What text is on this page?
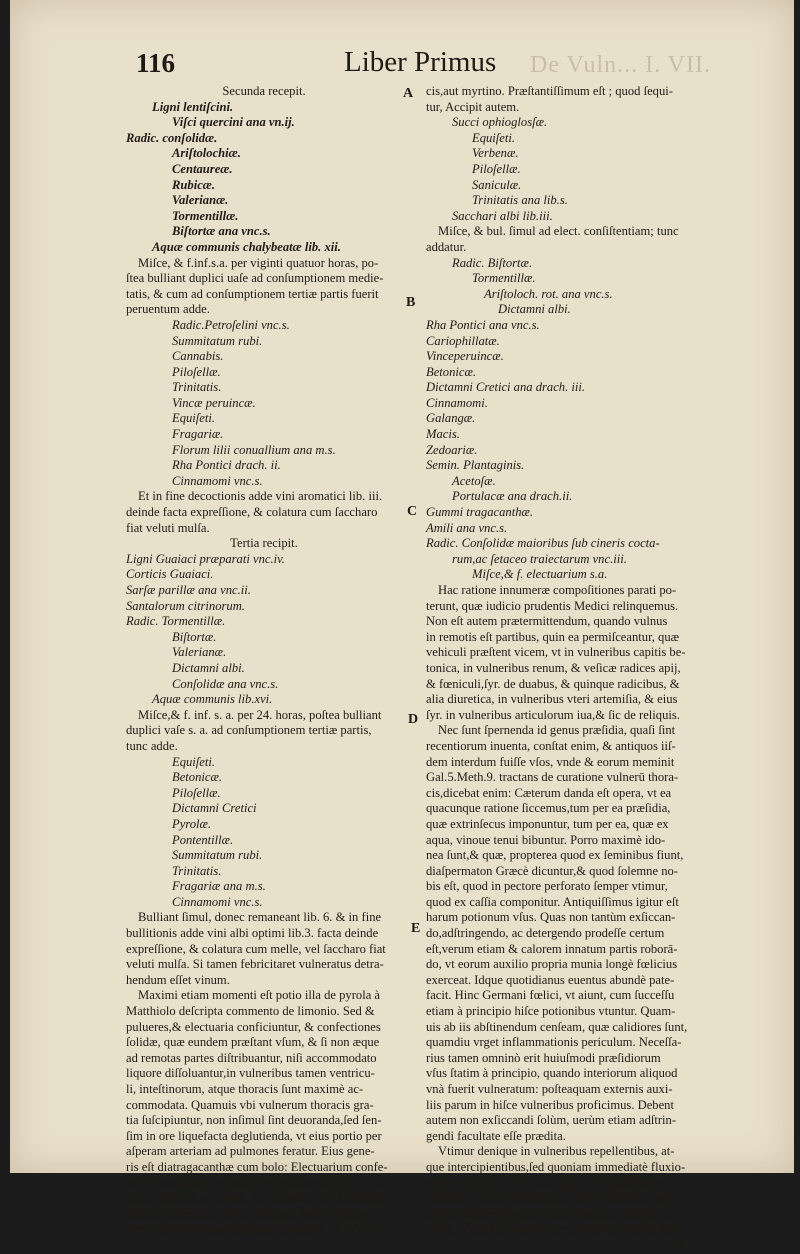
De Vuln... I. VII.
116	Liber Primus
A
B
C
D
E
Secunda recepit.
Ligni lentiſcini.
Viſci quercini ana vn.ij.
Radic. conſolidæ.
Ariſtolochiæ.
Centaureæ.
Rubicæ.
Valerianæ.
Tormentillæ.
Biſtortæ ana vnc.s.
Aquæ communis chalybeatæ lib. xii.
Miſce, & f.inf.s.a. per viginti quatuor horas, po-
ſtea bulliant duplici uaſe ad conſumptionem medie-
tatis, & cum ad conſumptionem tertiæ partis fuerit
peruentum adde.
Radic.Petroſelini vnc.s.
Summitatum rubi.
Cannabis.
Piloſellæ.
Trinitatis.
Vincæ peruincæ.
Equiſeti.
Fragariæ.
Florum lilii conuallium ana m.s.
Rha Pontici drach. ii.
Cinnamomi vnc.s.
Et in fine decoctionis adde vini aromatici lib. iii.
deinde facta expreſſione, & colatura cum ſaccharo
fiat veluti mulſa.
Tertia recipit.
Ligni Guaiaci præparati vnc.iv.
Corticis Guaiaci.
Sarſæ parillæ ana vnc.ii.
Santalorum citrinorum.
Radic. Tormentillæ.
Biſtortæ.
Valerianæ.
Dictamni albi.
Conſolidæ ana vnc.s.
Aquæ communis lib.xvi.
Miſce,& f. inf. s. a. per 24. horas, poſtea bulliant
duplici vaſe s. a. ad conſumptionem tertiæ partis,
tunc adde.
Equiſeti.
Betonicæ.
Piloſellæ.
Dictamni Cretici
Pyrolæ.
Pontentillæ.
Summitatum rubi.
Trinitatis.
Fragariæ ana m.s.
Cinnamomi vnc.s.
Bulliant ſimul, donec remaneant lib. 6. & in fine
bullitionis adde vini albi optimi lib.3. facta deinde
expreſſione, & colatura cum melle, vel ſaccharo fiat
veluti mulſa. Si tamen febricitaret vulneratus detra-
hendum eſſet vinum.
Maximi etiam momenti eſt potio illa de pyrola à
Matthiolo deſcripta commento de limonio. Sed &
pulueres,& electuaria conficiuntur, & confectiones
ſolidæ, quæ eundem præſtant vſum, & ſi non æque
ad remotas partes diſtribuantur, niſi accommodato
liquore diſſoluantur,in vulneribus tamen ventricu-
li, inteſtinorum, atque thoracis ſunt maximè ac-
commodata. Quamuis vbi vulnerum thoracis gra-
tia ſuſcipiuntur, non inſimul ſint deuoranda,ſed ſen-
ſim in ore liquefacta deglutienda, vt eius portio per
aſperam arteriam ad pulmones feratur. Eius gene-
ris eſt diatragacanthæ cum bolo: Electuarium confe-
ctum ex radicibus conſolidæ maioris decoctis, ac ſe-
taceo traiectis, ac melle, ſeu ſaccharo, & ex ſaccharo
roſaceo veteri,bolo Arm. orientali, terra ſigillata,
terra Samia,ſem.plantaginis,acetoſæ,ſyr. de roſis ſic-
cis,aut myrtino. Præſtantiſſimum eſt ; quod ſequi-
tur, Accipit autem.
Succi ophioglosſæ.
Equiſeti.
Verbenæ.
Piloſellæ.
Saniculæ.
Trinitatis ana lib.s.
Sacchari albi lib.iii.
Miſce, & bul. ſimul ad elect. conſiſtentiam; tunc
addatur.
Radic. Biſtortæ.
Tormentillæ.
Ariſtoloch. rot. ana vnc.s.
Dictamni albi.
Rha Pontici ana vnc.s.
Cariophillatæ.
Vinceperuincæ.
Betonicæ.
Dictamni Cretici ana drach. iii.
Cinnamomi.
Galangæ.
Macis.
Zedoariæ.
Semin. Plantaginis.
Acetoſæ.
Portulacæ ana drach.ii.
Gummi tragacanthæ.
Amili ana vnc.s.
Radic. Conſolidæ maioribus ſub cineris cocta-
rum,ac ſetaceo traiectarum vnc.iii.
Miſce,& f. electuarium s.a.
Hac ratione innumeræ compoſitiones parati po-
terunt, quæ iudicio prudentis Medici relinquemus.
Non eſt autem prætermittendum, quando vulnus
in remotis eſt partibus, quin ea permiſceantur, quæ
vehiculi præſtent vicem, vt in vulneribus capitis be-
tonica, in vulneribus renum, & veſicæ radices apij,
& fœniculi,ſyr. de duabus, & quinque radicibus, &
alia diuretica, in vulneribus vteri artemiſia, & eius
ſyr. in vulneribus articulorum iua,& ſic de reliquis.
Nec ſunt ſpernenda id genus præſidia, quaſi ſint
recentiorum inuenta, conſtat enim, & antiquos iiſ-
dem interdum fuiſſe vſos, vnde & eorum meminit
Gal.5.Meth.9. tractans de curatione vulnerū thora-
cis,dicebat enim: Cæterum danda eſt opera, vt ea
quacunque ratione ſiccemus,tum per ea præſidia,
quæ extrinſecus imponuntur, tum per ea, quæ ex
aqua, vinoue tenui bibuntur. Porro maximè ido-
nea ſunt,& quæ, propterea quod ex ſeminibus fiunt,
diaſpermaton Græcè dicuntur,& quod ſolemne no-
bis eſt, quod in pectore perforato ſemper vtimur,
quod ex caſſia componitur. Antiquiſſimus igitur eſt
harum potionum vſus. Quas non tantùm exſiccan-
do,adſtringendo, ac detergendo prodeſſe certum
eſt,verum etiam & calorem innatum partis roborā-
do, vt eorum auxilio propria munia longè fœlicius
exerceat. Idque quotidianus euentus abundè pate-
facit. Hinc Germani fœlici, vt aiunt, cum ſucceſſu
etiam à principio hiſce potionibus vtuntur. Quam-
uis ab iis abſtinendum cenſeam, quæ calidiores ſunt,
quamdiu vrget inflammationis periculum. Neceſſa-
rius tamen omninò erit huiuſmodi præſidiorum
vſus ſtatim à principio, quando interiorum aliquod
vnà fuerit vulneratum: poſteaquam externis auxi-
liis parum in hiſce vulneribus proficimus. Debent
autem non exſiccandi ſolùm, uerùm etiam adſtrin-
gendi facultate eſſe prædita.
Vtimur denique in vulneribus repellentibus, at-
que intercipientibus,ſed quoniam immediatè fluxio-
nem reſpiciunt, de illis in capite de ſupprimenda
fluxione diffusè tractabimus. Sunt poſtremò, quæ
ingeſta uulneratæ parti calori tantùm adiiciunt ro-
boris, ut una hac ratione certa quædam munia fæli-
ciſſi-
